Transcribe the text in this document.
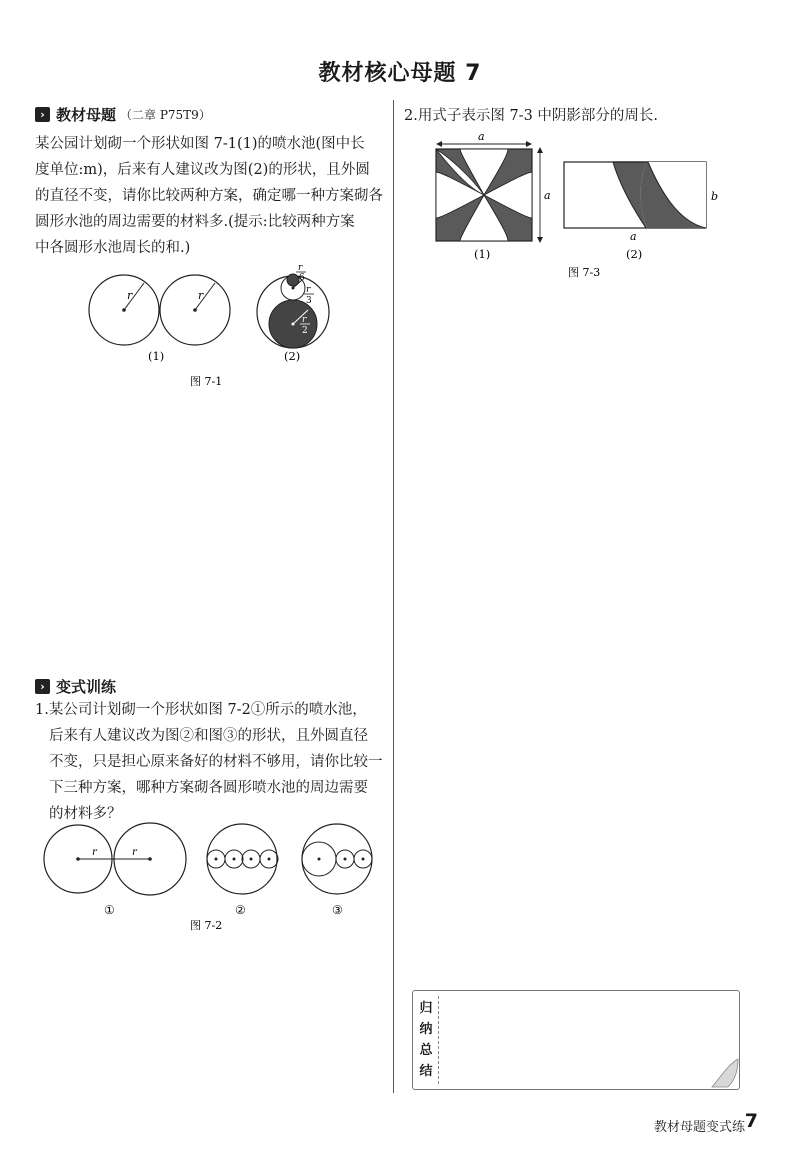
教材核心母题 7
› 教材母题 （二章 P75T9）

某公园计划砌一个形状如图 7-1(1)的喷水池(图中长

度单位:m)，后来有人建议改为图(2)的形状，且外圆

的直径不变，请你比较两种方案，确定哪一种方案砌各

圆形水池的周边需要的材料多.(提示:比较两种方案

中各圆形水池周长的和.)

r	r
(1)
r
6
r
3
r
2
(2)
图 7-1
› 变式训练

1.某公司计划砌一个形状如图 7-2①所示的喷水池，

后来有人建议改为图②和图③的形状，且外圆直径

不变，只是担心原来备好的材料不够用，请你比较一

下三种方案，哪种方案砌各圆形喷水池的周边需要

的材料多？

r	r
①	②	③
图 7-2

2.用式子表示图 7-3 中阴影部分的周长.

a
a
(1)
a
b
(2)
图 7-3
归
纳
总
结
教材母题变式练 7
